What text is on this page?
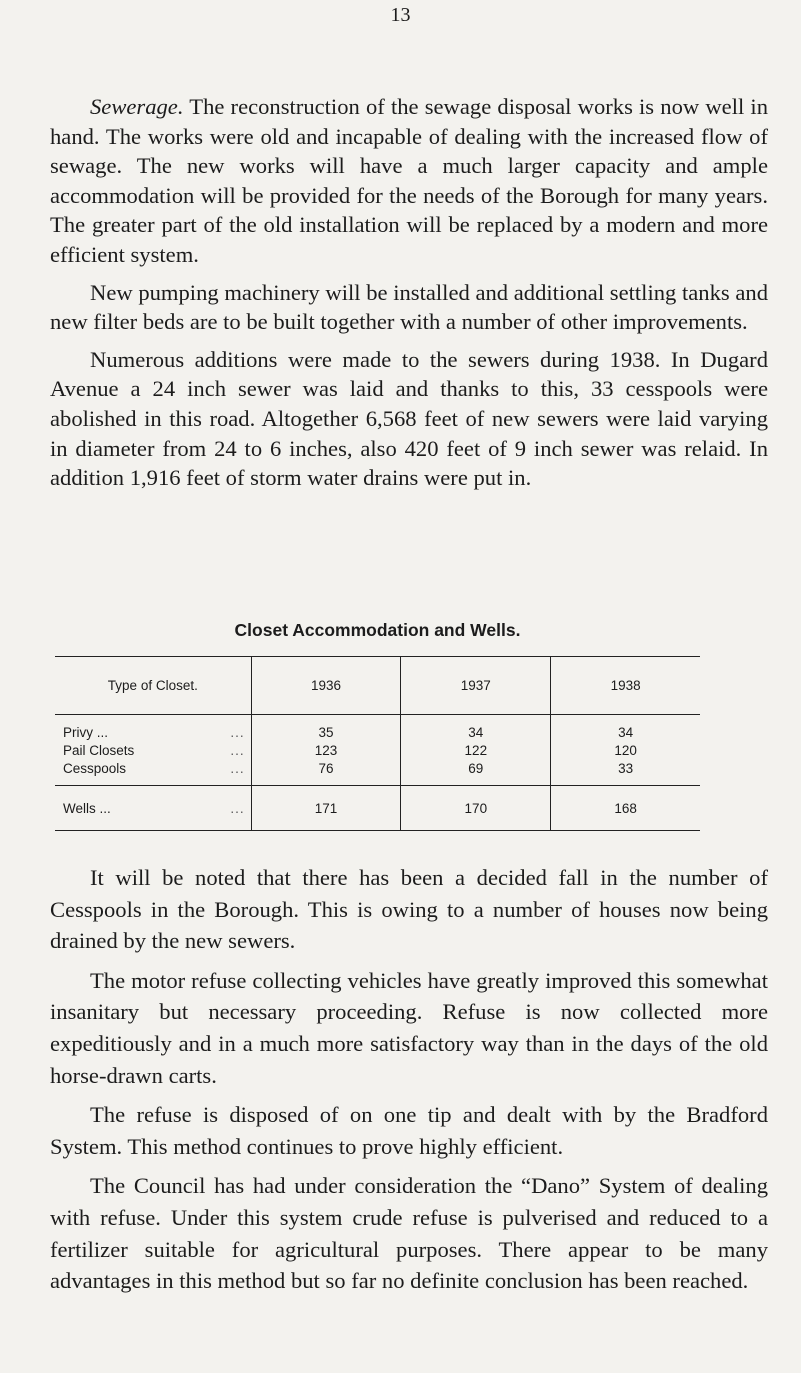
13

Sewerage. The reconstruction of the sewage disposal works is now well in hand. The works were old and incapable of dealing with the increased flow of sewage. The new works will have a much larger capacity and ample accommodation will be provided for the needs of the Borough for many years. The greater part of the old installation will be replaced by a modern and more efficient system.

New pumping machinery will be installed and additional settling tanks and new filter beds are to be built together with a number of other improvements.

Numerous additions were made to the sewers during 1938. In Dugard Avenue a 24 inch sewer was laid and thanks to this, 33 cesspools were abolished in this road. Altogether 6,568 feet of new sewers were laid varying in diameter from 24 to 6 inches, also 420 feet of 9 inch sewer was relaid. In addition 1,916 feet of storm water drains were put in.

Closet Accommodation and Wells.
Type of Closet.	1936	1937	1938
Privy ... ...	35	34	34
Pail Closets ...	123	122	120
Cesspools ...	76	69	33
Wells ... ...	171	170	168

It will be noted that there has been a decided fall in the number of Cesspools in the Borough. This is owing to a number of houses now being drained by the new sewers.

The motor refuse collecting vehicles have greatly improved this somewhat insanitary but necessary proceeding. Refuse is now collected more expeditiously and in a much more satisfactory way than in the days of the old horse-drawn carts.

The refuse is disposed of on one tip and dealt with by the Bradford System. This method continues to prove highly efficient.

The Council has had under consideration the “Dano” System of dealing with refuse. Under this system crude refuse is pulverised and reduced to a fertilizer suitable for agricultural purposes. There appear to be many advantages in this method but so far no definite conclusion has been reached.
